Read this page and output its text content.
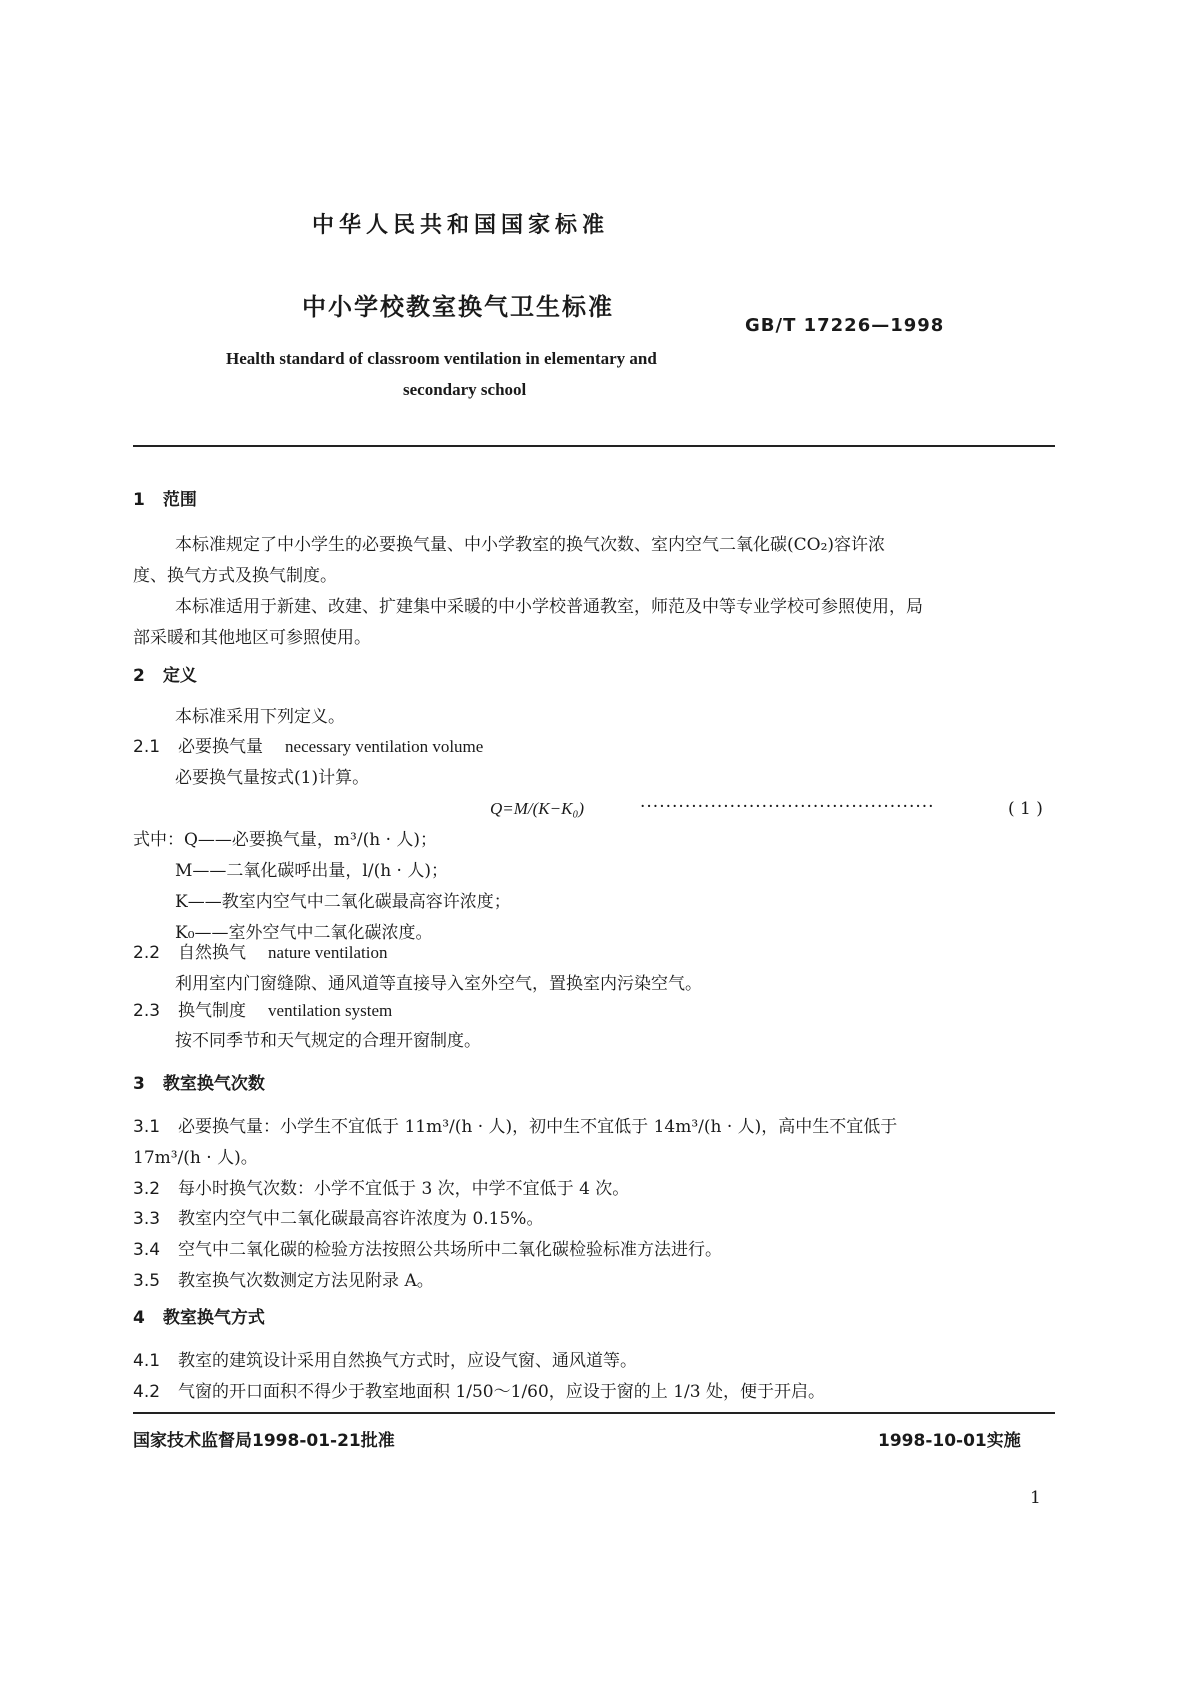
中华人民共和国国家标准
中小学校教室换气卫生标准
GB/T 17226—1998
Health standard of classroom ventilation in elementary and
secondary school
1 范围
本标准规定了中小学生的必要换气量、中小学教室的换气次数、室内空气二氧化碳(CO₂)容许浓
度、换气方式及换气制度。
本标准适用于新建、改建、扩建集中采暖的中小学校普通教室，师范及中等专业学校可参照使用，局
部采暖和其他地区可参照使用。
2 定义
本标准采用下列定义。
2.1 必要换气量 necessary ventilation volume
必要换气量按式(1)计算。
Q=M/(K−K₀)	··············································	( 1 )
式中：Q——必要换气量，m³/(h · 人)；
M——二氧化碳呼出量，l/(h · 人)；
K——教室内空气中二氧化碳最高容许浓度；
K₀——室外空气中二氧化碳浓度。
2.2 自然换气 nature ventilation
利用室内门窗缝隙、通风道等直接导入室外空气，置换室内污染空气。
2.3 换气制度 ventilation system
按不同季节和天气规定的合理开窗制度。
3 教室换气次数
3.1 必要换气量：小学生不宜低于 11m³/(h · 人)，初中生不宜低于 14m³/(h · 人)，高中生不宜低于
17m³/(h · 人)。
3.2 每小时换气次数：小学不宜低于 3 次，中学不宜低于 4 次。
3.3 教室内空气中二氧化碳最高容许浓度为 0.15%。
3.4 空气中二氧化碳的检验方法按照公共场所中二氧化碳检验标准方法进行。
3.5 教室换气次数测定方法见附录 A。
4 教室换气方式
4.1 教室的建筑设计采用自然换气方式时，应设气窗、通风道等。
4.2 气窗的开口面积不得少于教室地面积 1/50～1/60，应设于窗的上 1/3 处，便于开启。
国家技术监督局1998-01-21批准	1998-10-01实施
1
